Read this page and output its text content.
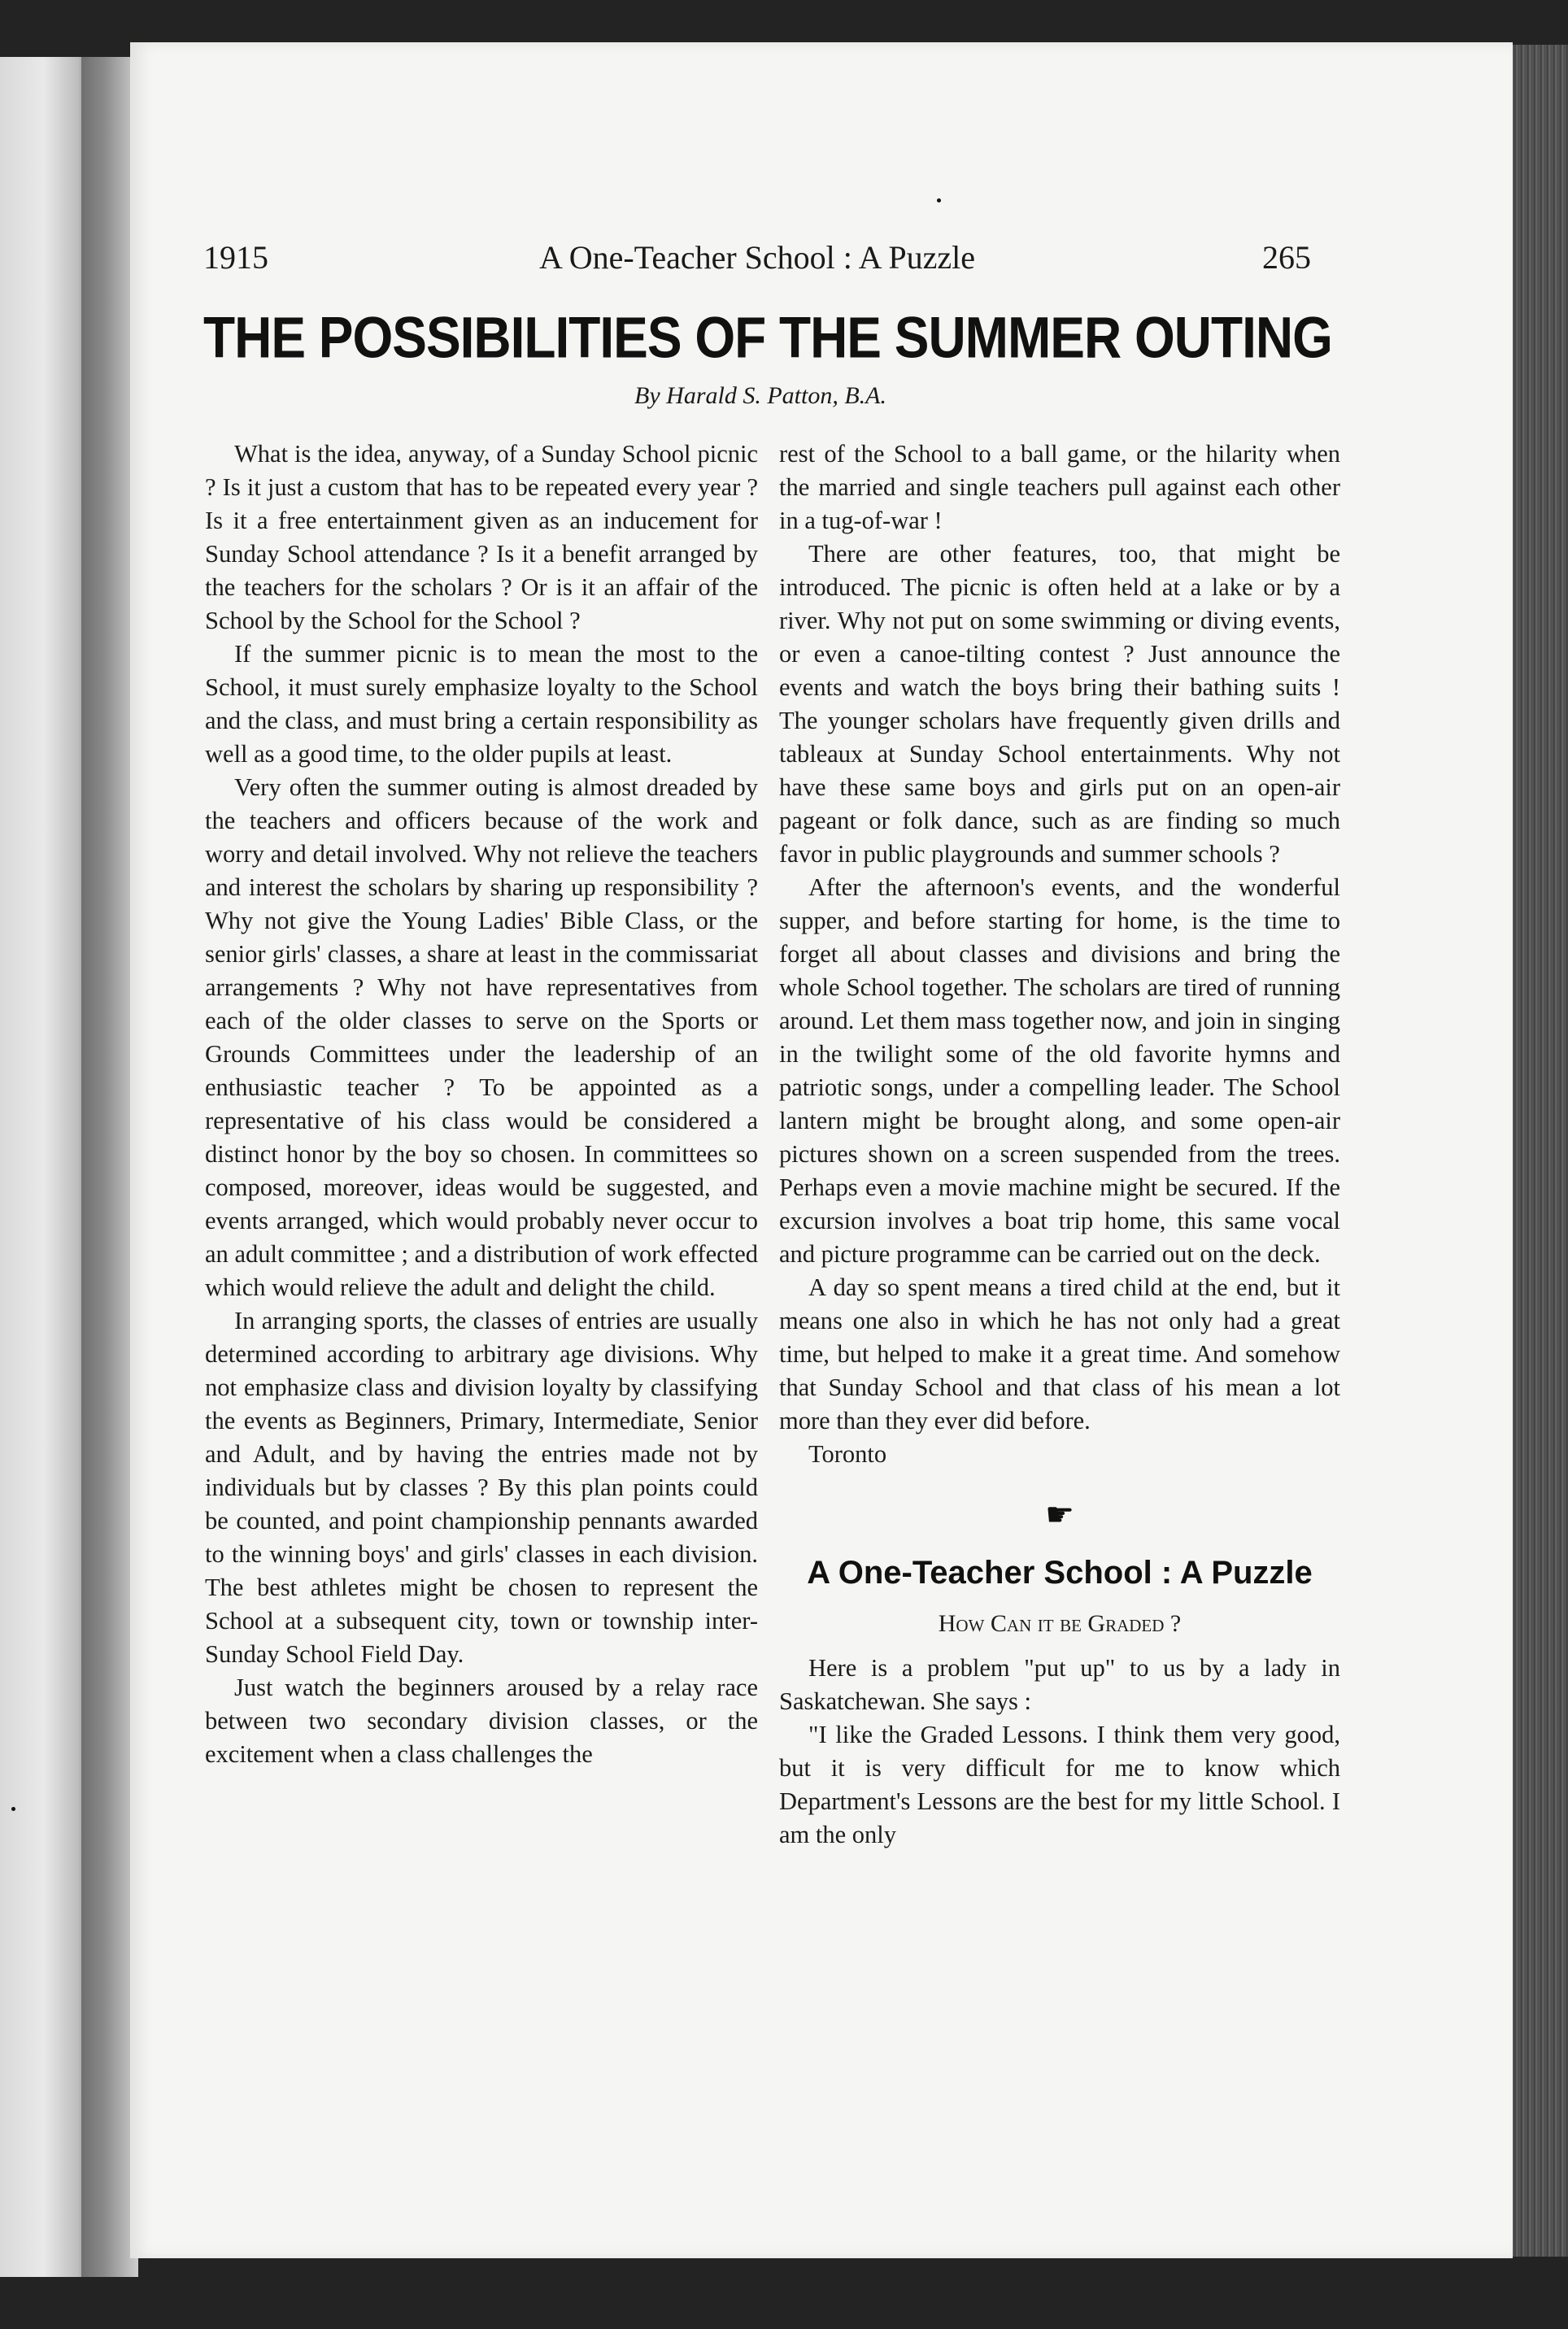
1915	A One-Teacher School : A Puzzle	265
THE POSSIBILITIES OF THE SUMMER OUTING
By Harald S. Patton, B.A.

What is the idea, anyway, of a Sunday School picnic ? Is it just a custom that has to be repeated every year ? Is it a free entertainment given as an inducement for Sunday School attendance ? Is it a benefit arranged by the teachers for the scholars ? Or is it an affair of the School by the School for the School ?

If the summer picnic is to mean the most to the School, it must surely emphasize loyalty to the School and the class, and must bring a certain responsibility as well as a good time, to the older pupils at least.

Very often the summer outing is almost dreaded by the teachers and officers because of the work and worry and detail involved. Why not relieve the teachers and interest the scholars by sharing up responsibility ? Why not give the Young Ladies' Bible Class, or the senior girls' classes, a share at least in the commissariat arrangements ? Why not have representatives from each of the older classes to serve on the Sports or Grounds Committees under the leadership of an enthusiastic teacher ? To be appointed as a representative of his class would be considered a distinct honor by the boy so chosen. In committees so composed, moreover, ideas would be suggested, and events arranged, which would probably never occur to an adult committee ; and a distribution of work effected which would relieve the adult and delight the child.

In arranging sports, the classes of entries are usually determined according to arbitrary age divisions. Why not emphasize class and division loyalty by classifying the events as Beginners, Primary, Intermediate, Senior and Adult, and by having the entries made not by individuals but by classes ? By this plan points could be counted, and point championship pennants awarded to the winning boys' and girls' classes in each division. The best athletes might be chosen to represent the School at a subsequent city, town or township inter-Sunday School Field Day.

Just watch the beginners aroused by a relay race between two secondary division classes, or the excitement when a class challenges the

rest of the School to a ball game, or the hilarity when the married and single teachers pull against each other in a tug-of-war !

There are other features, too, that might be introduced. The picnic is often held at a lake or by a river. Why not put on some swimming or diving events, or even a canoe-tilting contest ? Just announce the events and watch the boys bring their bathing suits ! The younger scholars have frequently given drills and tableaux at Sunday School entertainments. Why not have these same boys and girls put on an open-air pageant or folk dance, such as are finding so much favor in public playgrounds and summer schools ?

After the afternoon's events, and the wonderful supper, and before starting for home, is the time to forget all about classes and divisions and bring the whole School together. The scholars are tired of running around. Let them mass together now, and join in singing in the twilight some of the old favorite hymns and patriotic songs, under a compelling leader. The School lantern might be brought along, and some open-air pictures shown on a screen suspended from the trees. Perhaps even a movie machine might be secured. If the excursion involves a boat trip home, this same vocal and picture programme can be carried out on the deck.

A day so spent means a tired child at the end, but it means one also in which he has not only had a great time, but helped to make it a great time. And somehow that Sunday School and that class of his mean a lot more than they ever did before.

Toronto

☛
A One-Teacher School : A Puzzle
How Can it be Graded ?

Here is a problem "put up" to us by a lady in Saskatchewan. She says :

"I like the Graded Lessons. I think them very good, but it is very difficult for me to know which Department's Lessons are the best for my little School. I am the only
